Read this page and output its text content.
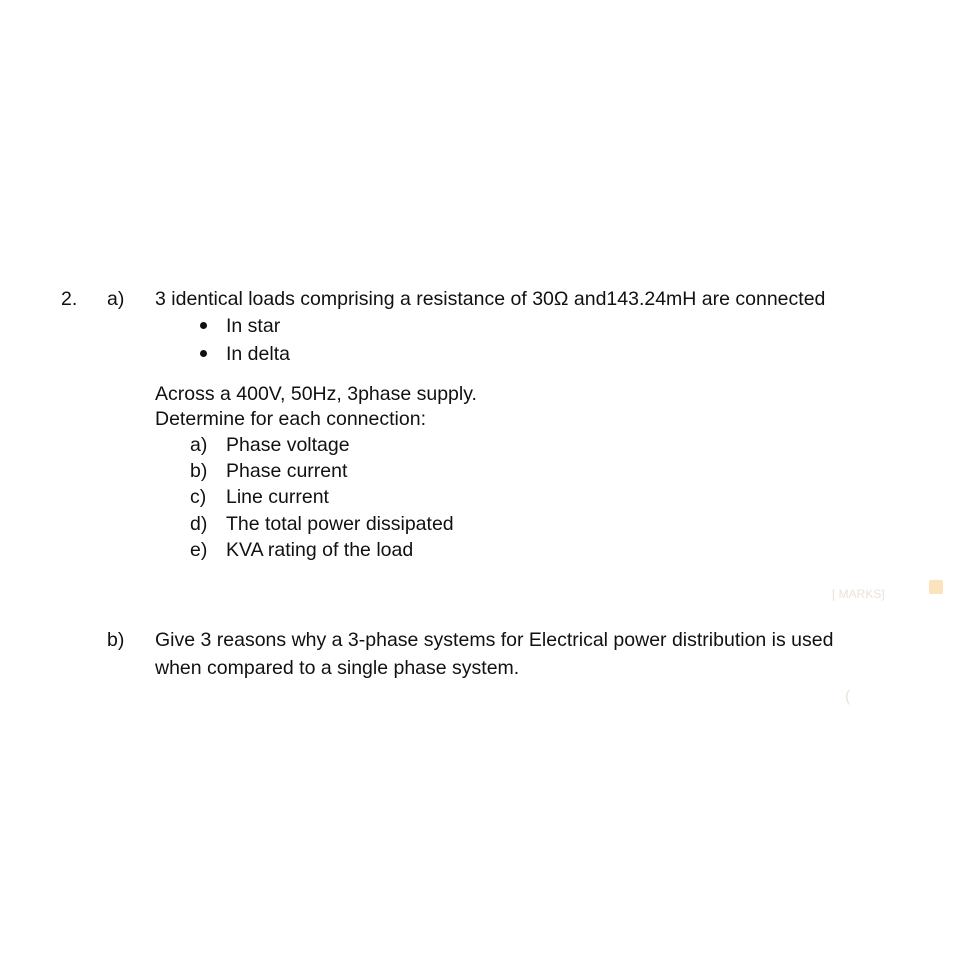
2. a) 3 identical loads comprising a resistance of 30Ω and143.24mH are connected
In star
In delta
Across a 400V, 50Hz, 3phase supply.
Determine for each connection:
a) Phase voltage
b) Phase current
c) Line current
d) The total power dissipated
e) KVA rating of the load
[ MARKS]
b) Give 3 reasons why a 3-phase systems for Electrical power distribution is used
when compared to a single phase system.
(
